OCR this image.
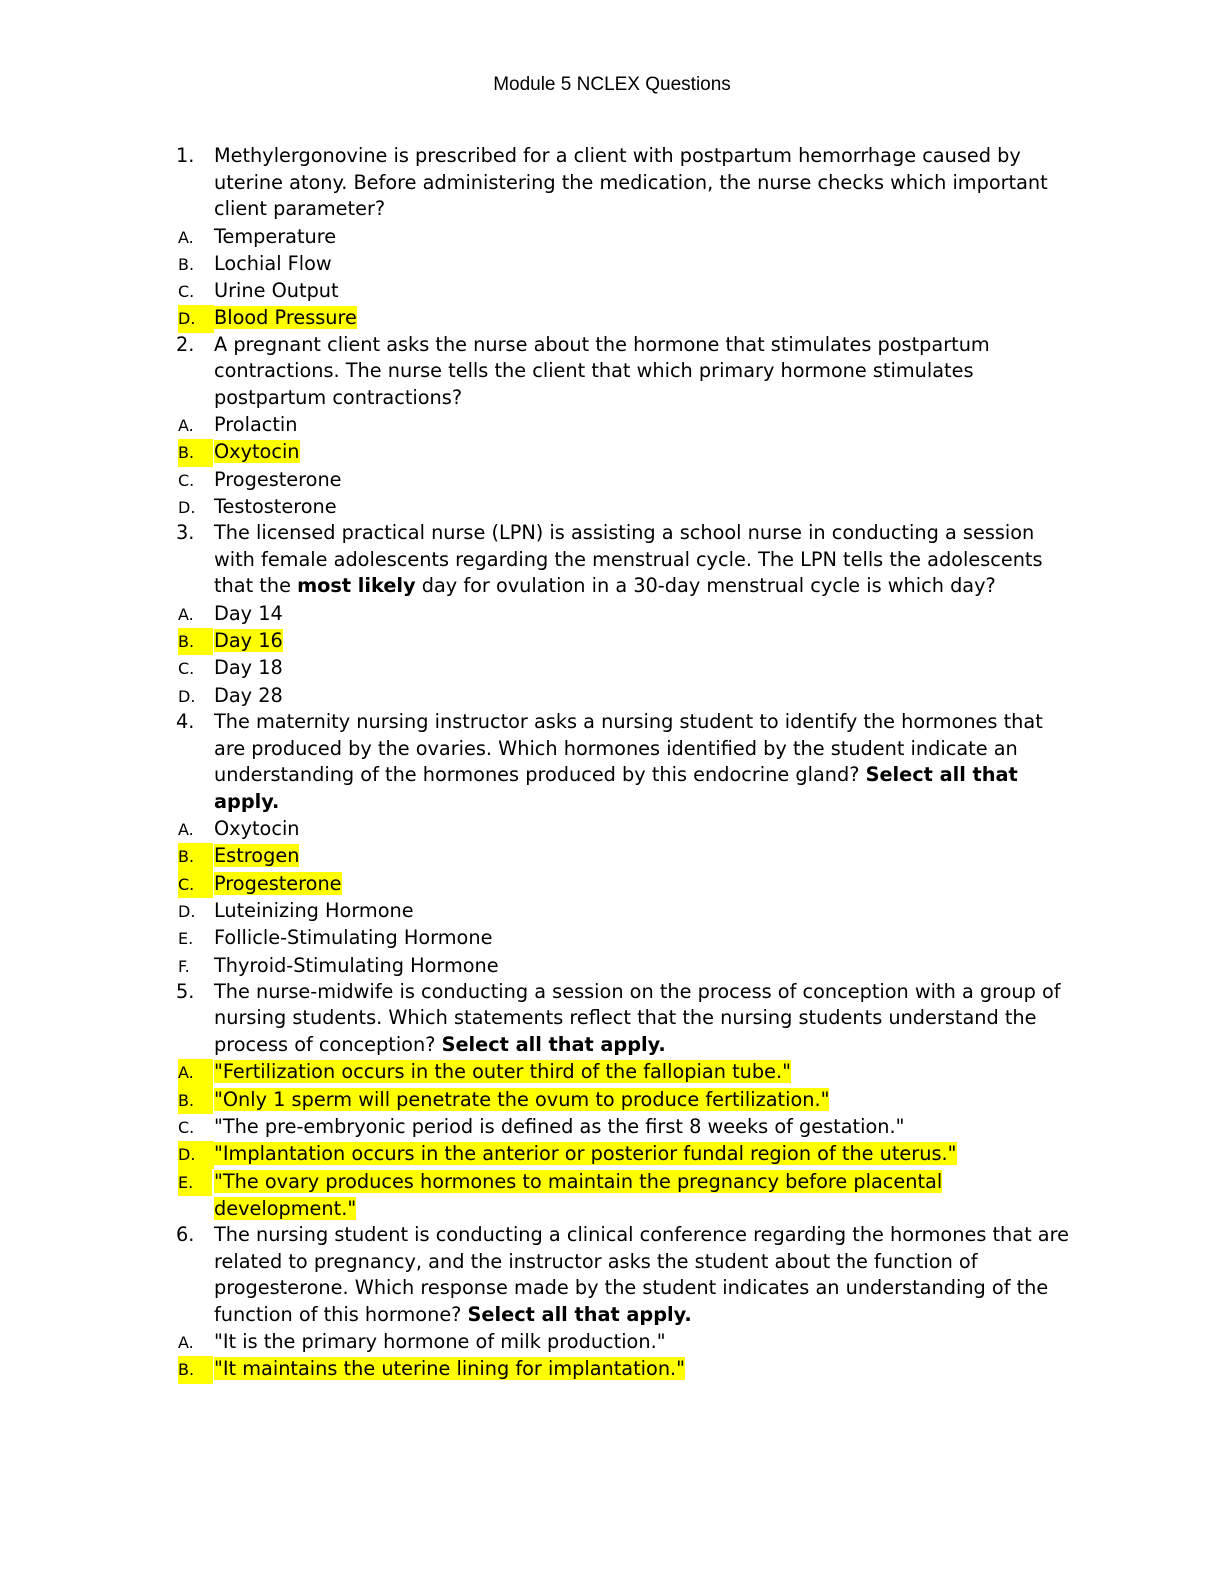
Module 5 NCLEX Questions
1. Methylergonovine is prescribed for a client with postpartum hemorrhage caused by uterine atony. Before administering the medication, the nurse checks which important client parameter?
A. Temperature
B. Lochial Flow
C. Urine Output
D. Blood Pressure
2. A pregnant client asks the nurse about the hormone that stimulates postpartum contractions. The nurse tells the client that which primary hormone stimulates postpartum contractions?
A. Prolactin
B.	Oxytocin
C. Progesterone
D. Testosterone
3. The licensed practical nurse (LPN) is assisting a school nurse in conducting a session with female adolescents regarding the menstrual cycle. The LPN tells the adolescents that the most likely day for ovulation in a 30-day menstrual cycle is which day?
A. Day 14
B.	Day 16
C. Day 18
D. Day 28
4. The maternity nursing instructor asks a nursing student to identify the hormones that are produced by the ovaries. Which hormones identified by the student indicate an understanding of the hormones produced by this endocrine gland? Select all that apply.
A. Oxytocin
B.	Estrogen
C.	Progesterone
D. Luteinizing Hormone
E. Follicle-Stimulating Hormone
F. Thyroid-Stimulating Hormone
5. The nurse-midwife is conducting a session on the process of conception with a group of nursing students. Which statements reflect that the nursing students understand the process of conception? Select all that apply.
A.	"Fertilization occurs in the outer third of the fallopian tube."
B.	"Only 1 sperm will penetrate the ovum to produce fertilization."
C. "The pre-embryonic period is defined as the first 8 weeks of gestation."
D. "Implantation occurs in the anterior or posterior fundal region of the uterus."
E.	"The ovary produces hormones to maintain the pregnancy before placental development."
6. The nursing student is conducting a clinical conference regarding the hormones that are related to pregnancy, and the instructor asks the student about the function of progesterone. Which response made by the student indicates an understanding of the function of this hormone? Select all that apply.
A. "It is the primary hormone of milk production."
B.	"It maintains the uterine lining for implantation."
